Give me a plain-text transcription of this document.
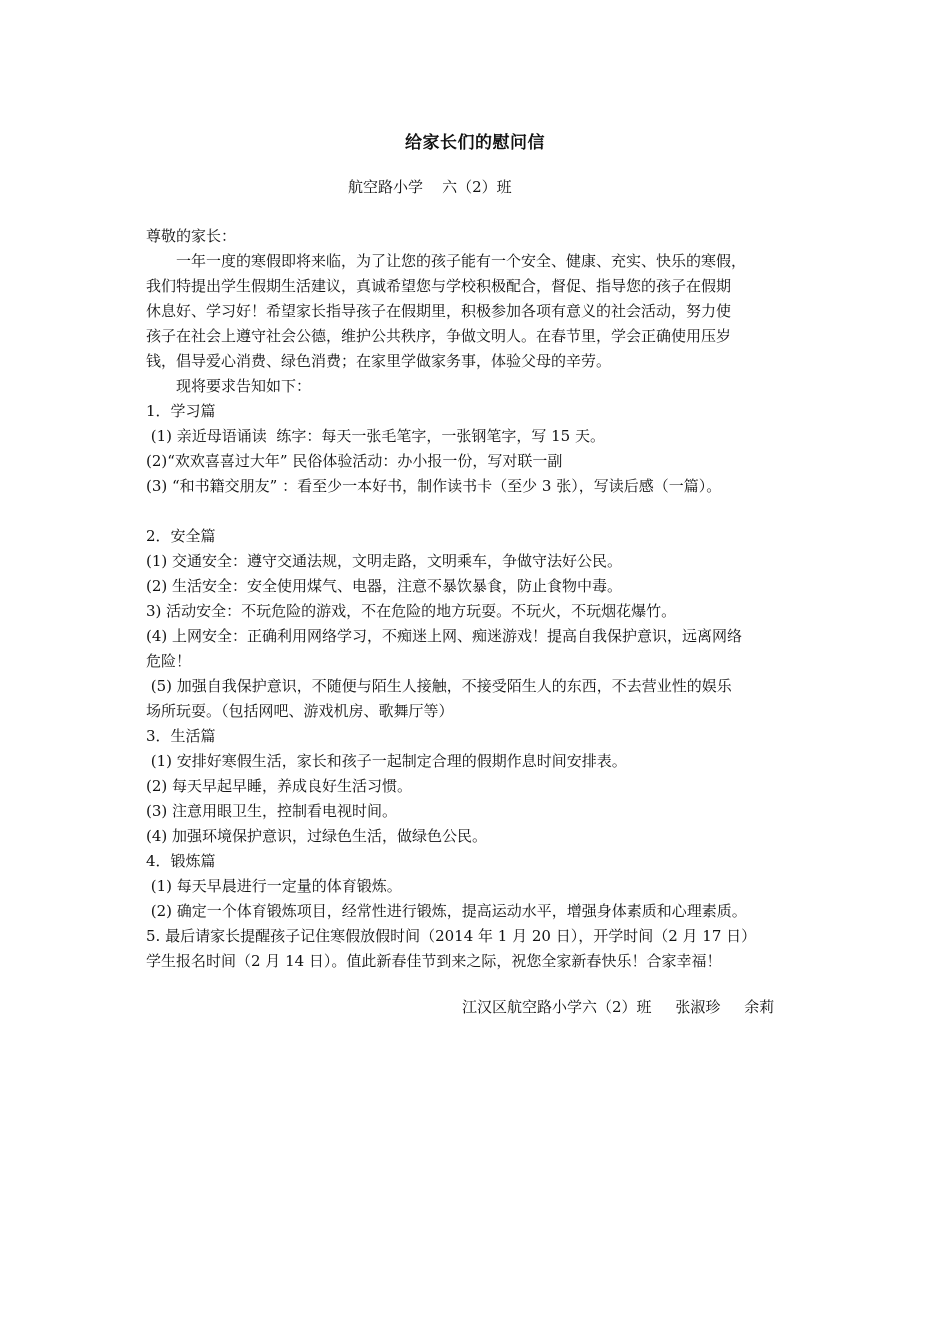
给家长们的慰问信
航空路小学    六（2）班
尊敬的家长：
一年一度的寒假即将来临，为了让您的孩子能有一个安全、健康、充实、快乐的寒假，
我们特提出学生假期生活建议，真诚希望您与学校积极配合，督促、指导您的孩子在假期
休息好、学习好！希望家长指导孩子在假期里，积极参加各项有意义的社会活动，努力使
孩子在社会上遵守社会公德，维护公共秩序，争做文明人。在春节里，学会正确使用压岁
钱，倡导爱心消费、绿色消费；在家里学做家务事，体验父母的辛劳。
现将要求告知如下：
1．学习篇
(1) 亲近母语诵读  练字：每天一张毛笔字，一张钢笔字，写 15 天。
(2)“欢欢喜喜过大年” 民俗体验活动：办小报一份，写对联一副
(3) “和书籍交朋友” ：看至少一本好书，制作读书卡（至少 3 张），写读后感（一篇）。
2．安全篇
(1) 交通安全：遵守交通法规，文明走路，文明乘车，争做守法好公民。
(2) 生活安全：安全使用煤气、电器，注意不暴饮暴食，防止食物中毒。
3) 活动安全：不玩危险的游戏，不在危险的地方玩耍。不玩火，不玩烟花爆竹。
(4) 上网安全：正确利用网络学习，不痴迷上网、痴迷游戏！提高自我保护意识，远离网络
危险！
(5) 加强自我保护意识，不随便与陌生人接触，不接受陌生人的东西，不去营业性的娱乐
场所玩耍。（包括网吧、游戏机房、歌舞厅等）
3．生活篇
(1) 安排好寒假生活，家长和孩子一起制定合理的假期作息时间安排表。
(2) 每天早起早睡，养成良好生活习惯。
(3) 注意用眼卫生，控制看电视时间。
(4) 加强环境保护意识，过绿色生活，做绿色公民。
4．锻炼篇
(1) 每天早晨进行一定量的体育锻炼。
(2) 确定一个体育锻炼项目，经常性进行锻炼，提高运动水平，增强身体素质和心理素质。
5. 最后请家长提醒孩子记住寒假放假时间（2014 年 1 月 20 日），开学时间（2 月 17 日）
学生报名时间（2 月 14 日）。值此新春佳节到来之际，祝您全家新春快乐！合家幸福！
江汉区航空路小学六（2）班     张淑珍     余莉
